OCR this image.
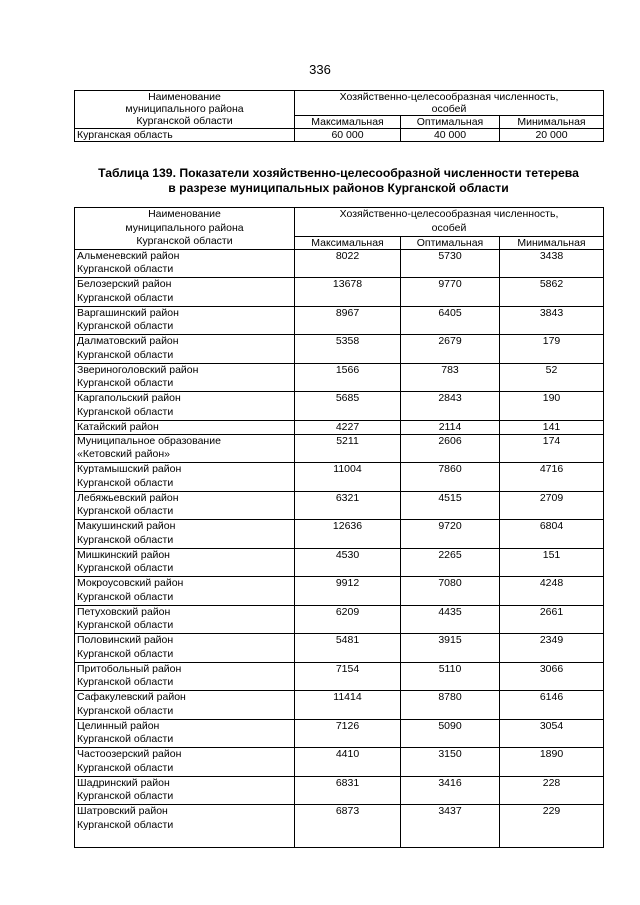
336
Наименование
муниципального района
Курганской области	Хозяйственно-целесообразная численность,
особей		
	Максимальная	Оптимальная	Минимальная
Курганская область	60 000	40 000	20 000
Таблица 139. Показатели хозяйственно-целесообразной численности тетерева
в разрезе муниципальных районов Курганской области
Наименование
муниципального района
Курганской области	Хозяйственно-целесообразная численность,
особей		
	Максимальная	Оптимальная	Минимальная
Альменевский район
Курганской области	8022	5730	3438
Белозерский район
Курганской области	13678	9770	5862
Варгашинский район
Курганской области	8967	6405	3843
Далматовский район
Курганской области	5358	2679	179
Звериноголовский район
Курганской области	1566	783	52
Каргапольский район
Курганской области	5685	2843	190
Катайский район	4227	2114	141
Муниципальное образование
«Кетовский район»	5211	2606	174
Куртамышский район
Курганской области	11004	7860	4716
Лебяжьевский район
Курганской области	6321	4515	2709
Макушинский район
Курганской области	12636	9720	6804
Мишкинский район
Курганской области	4530	2265	151
Мокроусовский район
Курганской области	9912	7080	4248
Петуховский район
Курганской области	6209	4435	2661
Половинский район
Курганской области	5481	3915	2349
Притобольный район
Курганской области	7154	5110	3066
Сафакулевский район
Курганской области	11414	8780	6146
Целинный район
Курганской области	7126	5090	3054
Частоозерский район
Курганской области	4410	3150	1890
Шадринский район
Курганской области	6831	3416	228
Шатровский район
Курганской области	6873	3437	229
